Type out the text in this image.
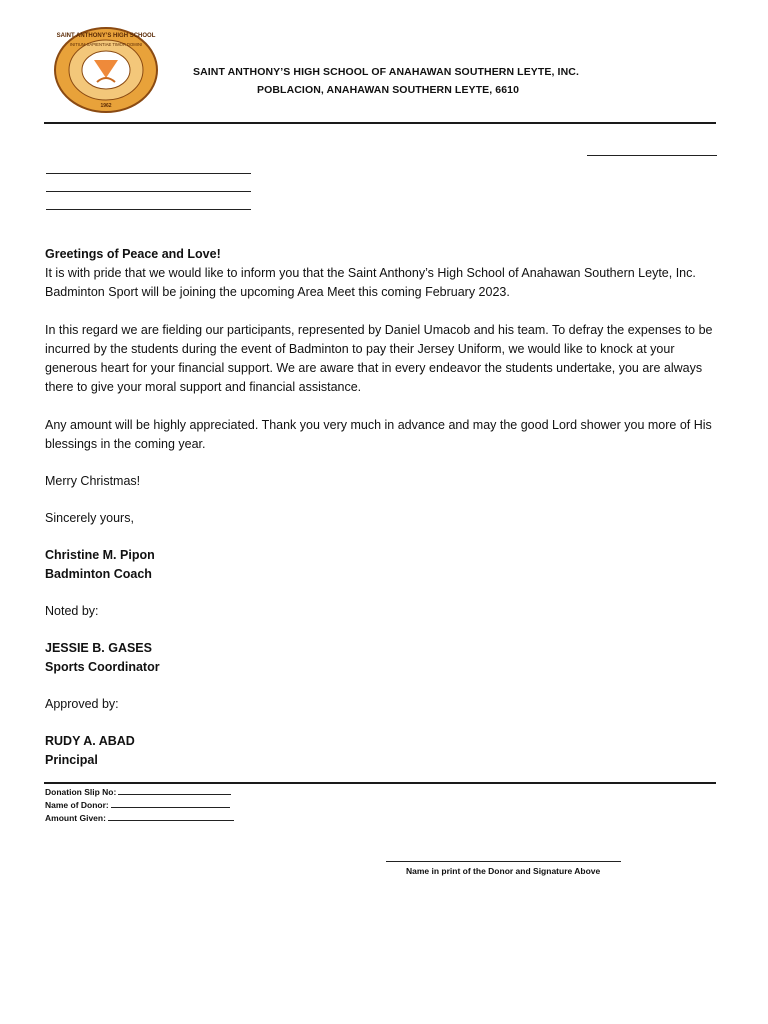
SAINT ANTHONY’S HIGH SCHOOL
INITIUM SAPIENTIAE TIMOR DOMINI
1962
SAINT ANTHONY’S HIGH SCHOOL OF ANAHAWAN SOUTHERN LEYTE, INC.
POBLACION, ANAHAWAN SOUTHERN LEYTE, 6610

Greetings of Peace and Love!

It is with pride that we would like to inform you that the Saint Anthony’s High School of Anahawan Southern Leyte, Inc. Badminton Sport will be joining the upcoming Area Meet this coming February 2023.

In this regard we are fielding our participants, represented by Daniel Umacob and his team. To defray the expenses to be incurred by the students during the event of Badminton to pay their Jersey Uniform, we would like to knock at your generous heart for your financial support. We are aware that in every endeavor the students undertake, you are always there to give your moral support and financial assistance.

Any amount will be highly appreciated. Thank you very much in advance and may the good Lord shower you more of His blessings in the coming year.

Merry Christmas!

Sincerely yours,

Christine M. Pipon

Badminton Coach

Noted by:

JESSIE B. GASES

Sports Coordinator

Approved by:

RUDY A. ABAD

Principal

Donation Slip No:
Name of Donor:
Amount Given:
Name in print of the Donor and Signature Above
